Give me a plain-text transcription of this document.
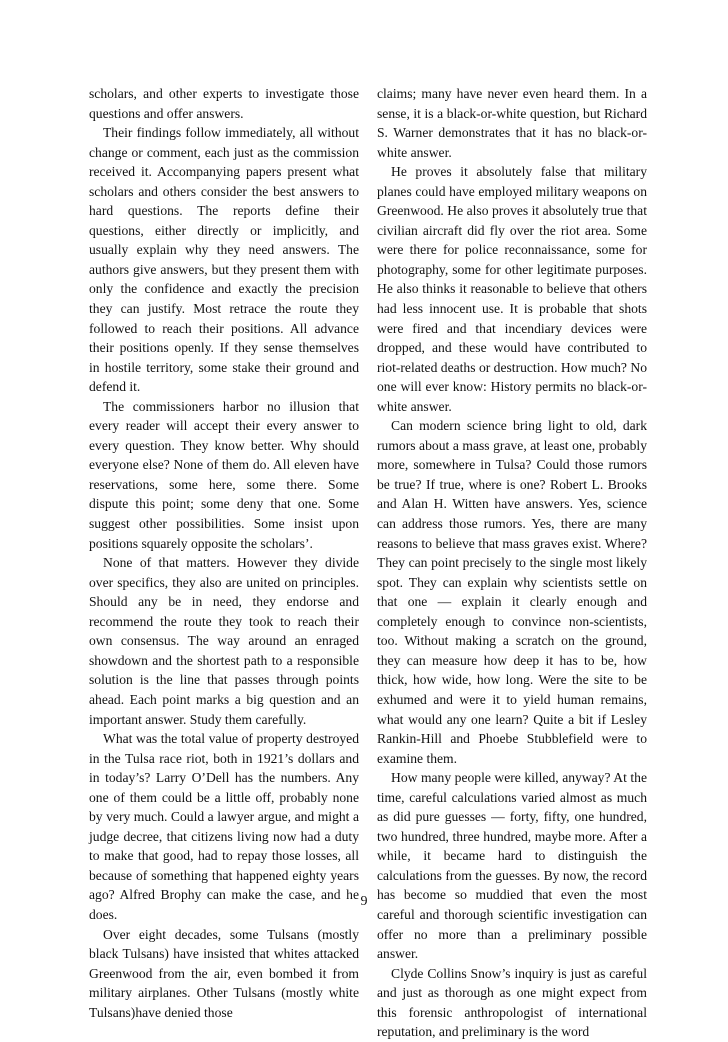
scholars, and other experts to investigate those questions and offer answers.

Their findings follow immediately, all without change or comment, each just as the commission received it. Accompanying papers present what scholars and others consider the best answers to hard questions. The reports define their questions, either directly or implicitly, and usually explain why they need answers. The authors give answers, but they present them with only the confidence and exactly the precision they can justify. Most retrace the route they followed to reach their positions. All advance their positions openly. If they sense themselves in hostile territory, some stake their ground and defend it.

The commissioners harbor no illusion that every reader will accept their every answer to every question. They know better. Why should everyone else? None of them do. All eleven have reservations, some here, some there. Some dispute this point; some deny that one. Some suggest other possibilities. Some insist upon positions squarely opposite the scholars’.

None of that matters. However they divide over specifics, they also are united on principles. Should any be in need, they endorse and recommend the route they took to reach their own consensus. The way around an enraged showdown and the shortest path to a responsible solution is the line that passes through points ahead. Each point marks a big question and an important answer. Study them carefully.

What was the total value of property destroyed in the Tulsa race riot, both in 1921’s dollars and in today’s? Larry O’Dell has the numbers. Any one of them could be a little off, probably none by very much. Could a lawyer argue, and might a judge decree, that citizens living now had a duty to make that good, had to repay those losses, all because of something that happened eighty years ago? Alfred Brophy can make the case, and he does.

Over eight decades, some Tulsans (mostly black Tulsans) have insisted that whites attacked Greenwood from the air, even bombed it from military airplanes. Other Tulsans (mostly white Tulsans)have denied those

claims; many have never even heard them. In a sense, it is a black-or-white question, but Richard S. Warner demonstrates that it has no black-or-white answer.

He proves it absolutely false that military planes could have employed military weapons on Greenwood. He also proves it absolutely true that civilian aircraft did fly over the riot area. Some were there for police reconnaissance, some for photography, some for other legitimate purposes. He also thinks it reasonable to believe that others had less innocent use. It is probable that shots were fired and that incendiary devices were dropped, and these would have contributed to riot-related deaths or destruction. How much? No one will ever know: History permits no black-or-white answer.

Can modern science bring light to old, dark rumors about a mass grave, at least one, probably more, somewhere in Tulsa? Could those rumors be true? If true, where is one? Robert L. Brooks and Alan H. Witten have answers. Yes, science can address those rumors. Yes, there are many reasons to believe that mass graves exist. Where? They can point precisely to the single most likely spot. They can explain why scientists settle on that one — explain it clearly enough and completely enough to convince non-scientists, too. Without making a scratch on the ground, they can measure how deep it has to be, how thick, how wide, how long. Were the site to be exhumed and were it to yield human remains, what would any one learn? Quite a bit if Lesley Rankin-Hill and Phoebe Stubblefield were to examine them.

How many people were killed, anyway? At the time, careful calculations varied almost as much as did pure guesses — forty, fifty, one hundred, two hundred, three hundred, maybe more. After a while, it became hard to distinguish the calculations from the guesses. By now, the record has become so muddied that even the most careful and thorough scientific investigation can offer no more than a preliminary possible answer.

Clyde Collins Snow’s inquiry is just as careful and just as thorough as one might expect from this forensic anthropologist of international reputation, and preliminary is the word

9
